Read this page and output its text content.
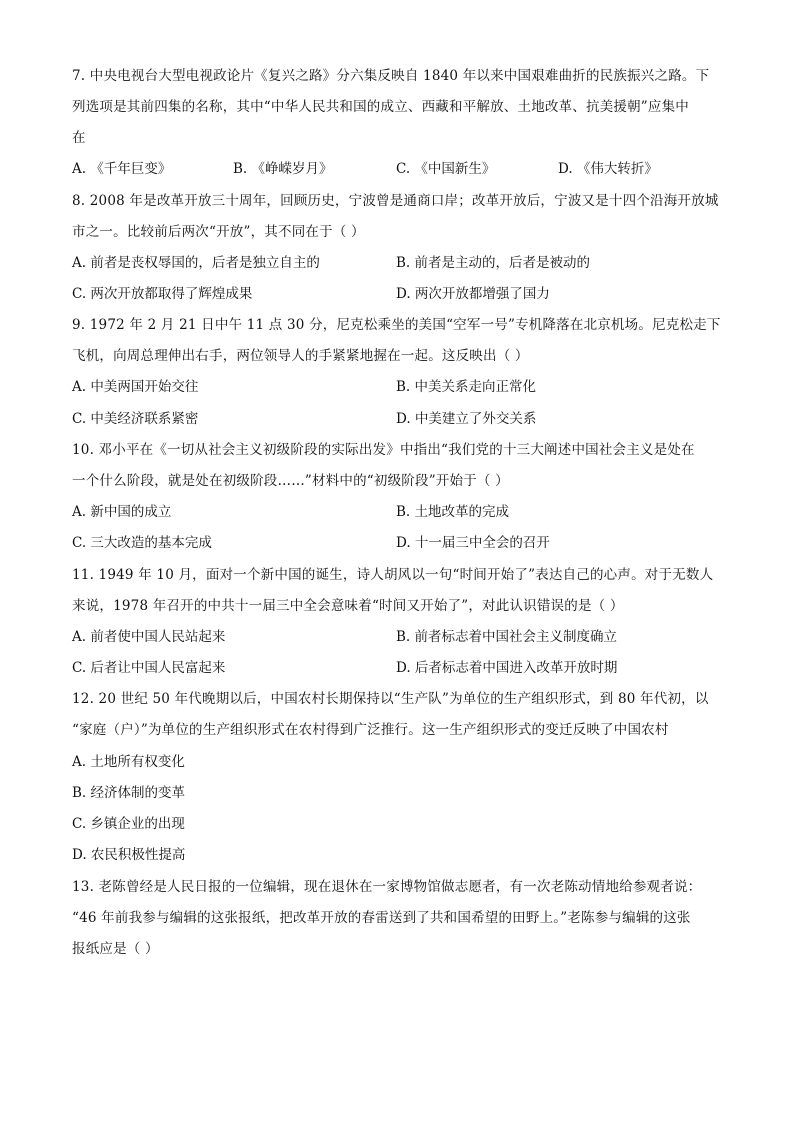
7. 中央电视台大型电视政论片《复兴之路》分六集反映自 1840 年以来中国艰难曲折的民族振兴之路。下
列选项是其前四集的名称，其中“中华人民共和国的成立、西藏和平解放、土地改革、抗美援朝”应集中
在
A. 《千年巨变》	B. 《峥嵘岁月》	C. 《中国新生》	D. 《伟大转折》
8. 2008 年是改革开放三十周年，回顾历史，宁波曾是通商口岸；改革开放后，宁波又是十四个沿海开放城
市之一。比较前后两次“开放”，其不同在于（ ）
A. 前者是丧权辱国的，后者是独立自主的	B. 前者是主动的，后者是被动的
C. 两次开放都取得了辉煌成果	D. 两次开放都增强了国力
9. 1972 年 2 月 21 日中午 11 点 30 分，尼克松乘坐的美国“空军一号”专机降落在北京机场。尼克松走下
飞机，向周总理伸出右手，两位领导人的手紧紧地握在一起。这反映出（ ）
A. 中美两国开始交往	B. 中美关系走向正常化
C. 中美经济联系紧密	D. 中美建立了外交关系
10. 邓小平在《一切从社会主义初级阶段的实际出发》中指出“我们党的十三大阐述中国社会主义是处在
一个什么阶段，就是处在初级阶段……”材料中的“初级阶段”开始于（ ）
A. 新中国的成立	B. 土地改革的完成
C. 三大改造的基本完成	D. 十一届三中全会的召开
11. 1949 年 10 月，面对一个新中国的诞生，诗人胡风以一句“时间开始了”表达自己的心声。对于无数人
来说，1978 年召开的中共十一届三中全会意味着“时间又开始了”，对此认识错误的是（ ）
A. 前者使中国人民站起来	B. 前者标志着中国社会主义制度确立
C. 后者让中国人民富起来	D. 后者标志着中国进入改革开放时期
12. 20 世纪 50 年代晚期以后，中国农村长期保持以“生产队”为单位的生产组织形式，到 80 年代初，以
“家庭（户）”为单位的生产组织形式在农村得到广泛推行。这一生产组织形式的变迁反映了中国农村
A. 土地所有权变化
B. 经济体制的变革
C. 乡镇企业的出现
D. 农民积极性提高
13. 老陈曾经是人民日报的一位编辑，现在退休在一家博物馆做志愿者，有一次老陈动情地给参观者说：
“46 年前我参与编辑的这张报纸，把改革开放的春雷送到了共和国希望的田野上。”老陈参与编辑的这张
报纸应是（ ）
